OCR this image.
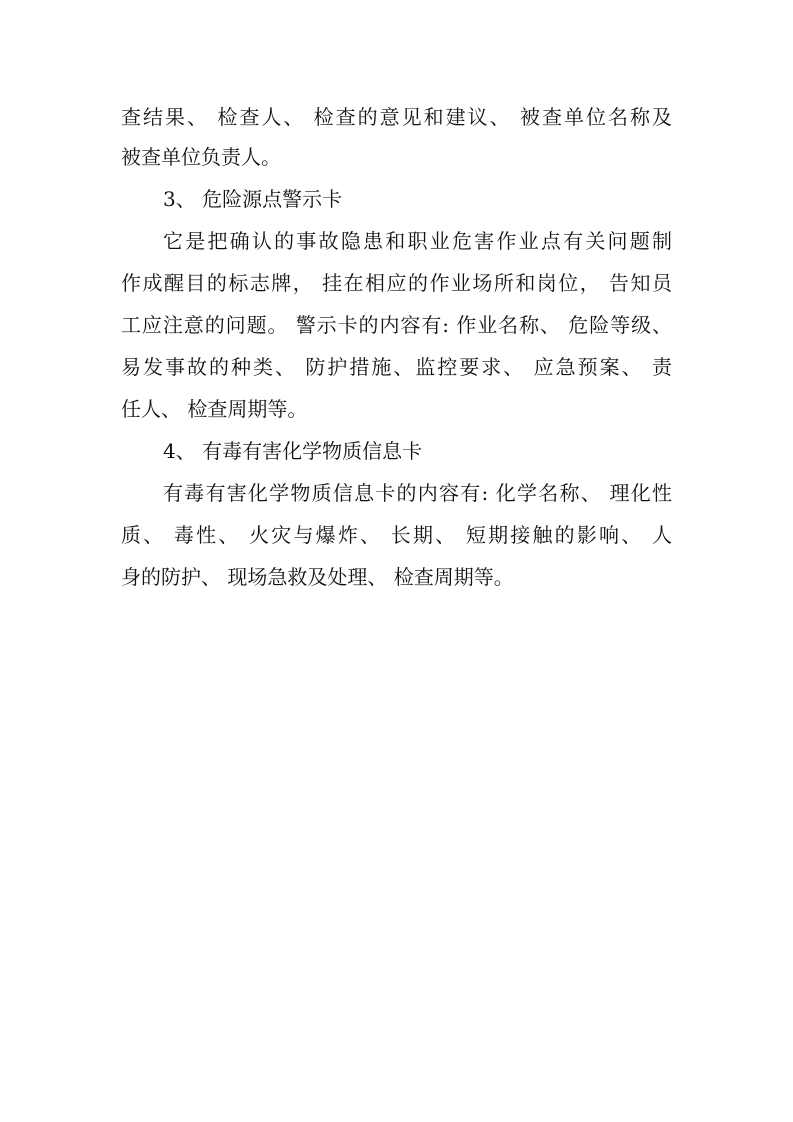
查结果、 检查人、 检查的意见和建议、 被查单位名称及
被查单位负责人。
3、 危险源点警示卡
它是把确认的事故隐患和职业危害作业点有关问题制
作成醒目的标志牌， 挂在相应的作业场所和岗位， 告知员
工应注意的问题。 警示卡的内容有: 作业名称、 危险等级、
易发事故的种类、 防护措施、监控要求、 应急预案、 责
任人、 检查周期等。
4、 有毒有害化学物质信息卡
有毒有害化学物质信息卡的内容有: 化学名称、 理化性
质、 毒性、 火灾与爆炸、 长期、 短期接触的影响、 人
身的防护、 现场急救及处理、 检查周期等。
